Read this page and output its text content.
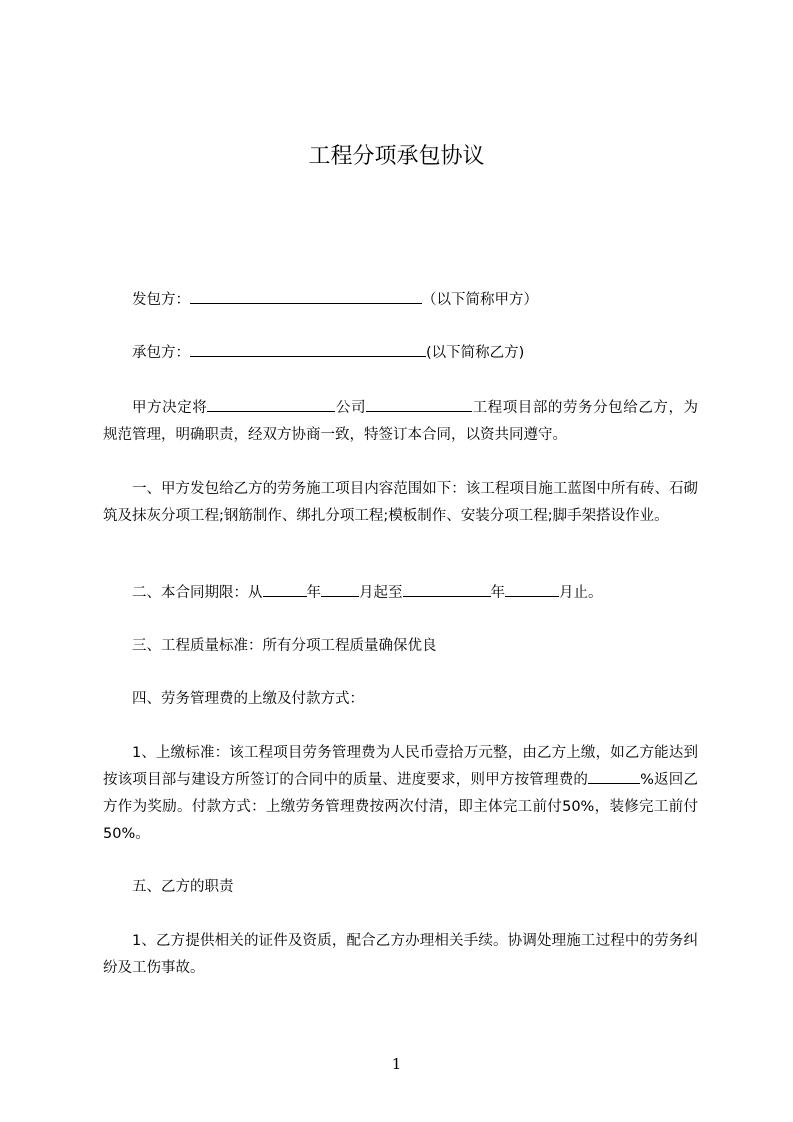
工程分项承包协议
发包方：	（以下简称甲方）
承包方：	(以下简称乙方)
甲方决定将	公司	工程项目部的劳务分包给乙方，为规范管理，明确职责，经双方协商一致，特签订本合同，以资共同遵守。
一、甲方发包给乙方的劳务施工项目内容范围如下：该工程项目施工蓝图中所有砖、石砌筑及抹灰分项工程;钢筋制作、绑扎分项工程;模板制作、安装分项工程;脚手架搭设作业。
二、本合同期限：从	年	月起至	年	月止。
三、工程质量标准：所有分项工程质量确保优良
四、劳务管理费的上缴及付款方式：
1、上缴标准：该工程项目劳务管理费为人民币壹拾万元整，由乙方上缴，如乙方能达到按该项目部与建设方所签订的合同中的质量、进度要求，则甲方按管理费的	%返回乙方作为奖励。付款方式：上缴劳务管理费按两次付清，即主体完工前付50%，装修完工前付 50%。
五、乙方的职责
1、乙方提供相关的证件及资质，配合乙方办理相关手续。协调处理施工过程中的劳务纠纷及工伤事故。
1
